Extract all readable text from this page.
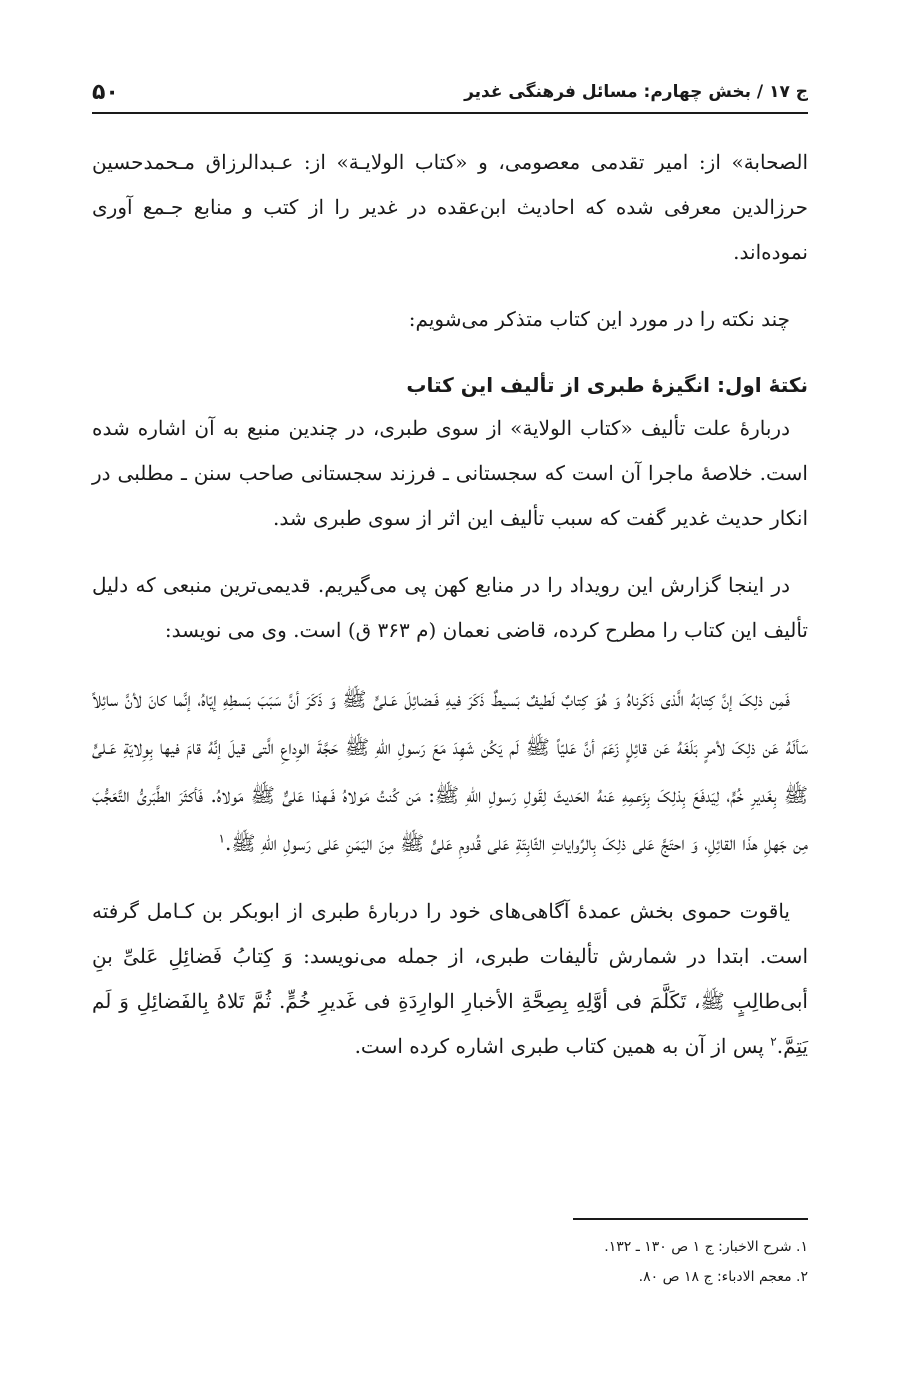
ج ۱۷ / بخش چهارم: مسائل فرهنگی غدیر
۵۰

الصحابة» از: امیر تقدمی معصومی، و «کتاب الولایـة» از: عـبدالرزاق مـحمدحسین حرزالدین معرفی شده که احادیث ابن‌عقده در غدیر را از کتب و منابع جـمع آوری نموده‌اند.

چند نکته را در مورد این کتاب متذکر می‌شویم:

نکتهٔ اول: انگیزهٔ طبری از تألیف این کتاب

دربارهٔ علت تألیف «کتاب الولایة» از سوی طبری، در چندین منبع به آن اشاره شده است. خلاصهٔ ماجرا آن است که سجستانی ـ فرزند سجستانی صاحب سنن ـ مطلبی در انکار حدیث غدیر گفت که سبب تألیف این اثر از سوی طبری شد.

در اینجا گزارش این رویداد را در منابع کهن پی می‌گیریم. قدیمی‌ترین منبعی که دلیل تألیف این کتاب را مطرح کرده، قاضی نعمان (م ۳۶۳ ق) است. وی می نویسد:

فَمِن ذلِکَ إنَّ کِتابَهُ الَّذی ذَکَرناهُ وَ هُوَ کِتابٌ لَطیفٌ بَسیطٌ ذَکَرَ فیهِ فَـضائِلَ عَـلیٍّ ﷺ وَ ذَکَرَ أنَّ سَبَبَ بَسطِهِ إیّاهُ، إنَّما کانَ لأنَّ سائِلاً سَألَهُ عَن ذلِکَ لأمرٍ بَلَغَهُ عَن قائِلٍ زَعَمَ أنَّ عَلیّاً ﷺ لَم یَکُن شَهِدَ مَعَ رَسولِ اللهِ ﷺ حَجَّةَ الوِداعِ الَّتی قیلَ إنَّهُ قامَ فیها بِوِلایَةِ عَـلیٍّ ﷺ بِغَدیرِ خُمٍّ، لِیَدفَعَ بِذلِکَ بِزَعمِهِ عَنهُ الحَدیثَ لِقَولِ رَسولِ اللهِ ﷺ: مَن کُنتُ مَولاهُ فَـهذا عَلیٌّ ﷺ مَولاهُ. فَأکثَرَ الطَّبَریُّ التَّعَجُّبَ مِن جَهلِ هذَا القائِلِ، وَ احتَجَّ عَلی ذلِکَ بِالرِّوایاتِ الثّابِتَةِ عَلی قُدومِ عَلیٍّ ﷺ مِنَ الیَمَنِ عَلی رَسولِ اللهِ ﷺ.$^۱$

یاقوت حموی بخش عمدهٔ آگاهی‌های خود را دربارهٔ طبری از ابوبکر بن کـامل گرفته است. ابتدا در شمارش تألیفات طبری، از جمله می‌نویسد: وَ کِتابُ فَضائِلِ عَلیِّ بنِ أبی‌طالِبٍ ﷺ، تَکَلَّمَ فی أوَّلِهِ بِصِحَّةِ الأخبارِ الوارِدَةِ فی غَدیرِ خُمٍّ. ثُمَّ تَلاهُ بِالفَضائِلِ وَ لَم یَتِمَّ.$^۲$ پس از آن به همین کتاب طبری اشاره کرده است.

۱. شرح الاخبار: ج ۱ ص ۱۳۰ ـ ۱۳۲.

۲. معجم الادباء: ج ۱۸ ص ۸۰.
